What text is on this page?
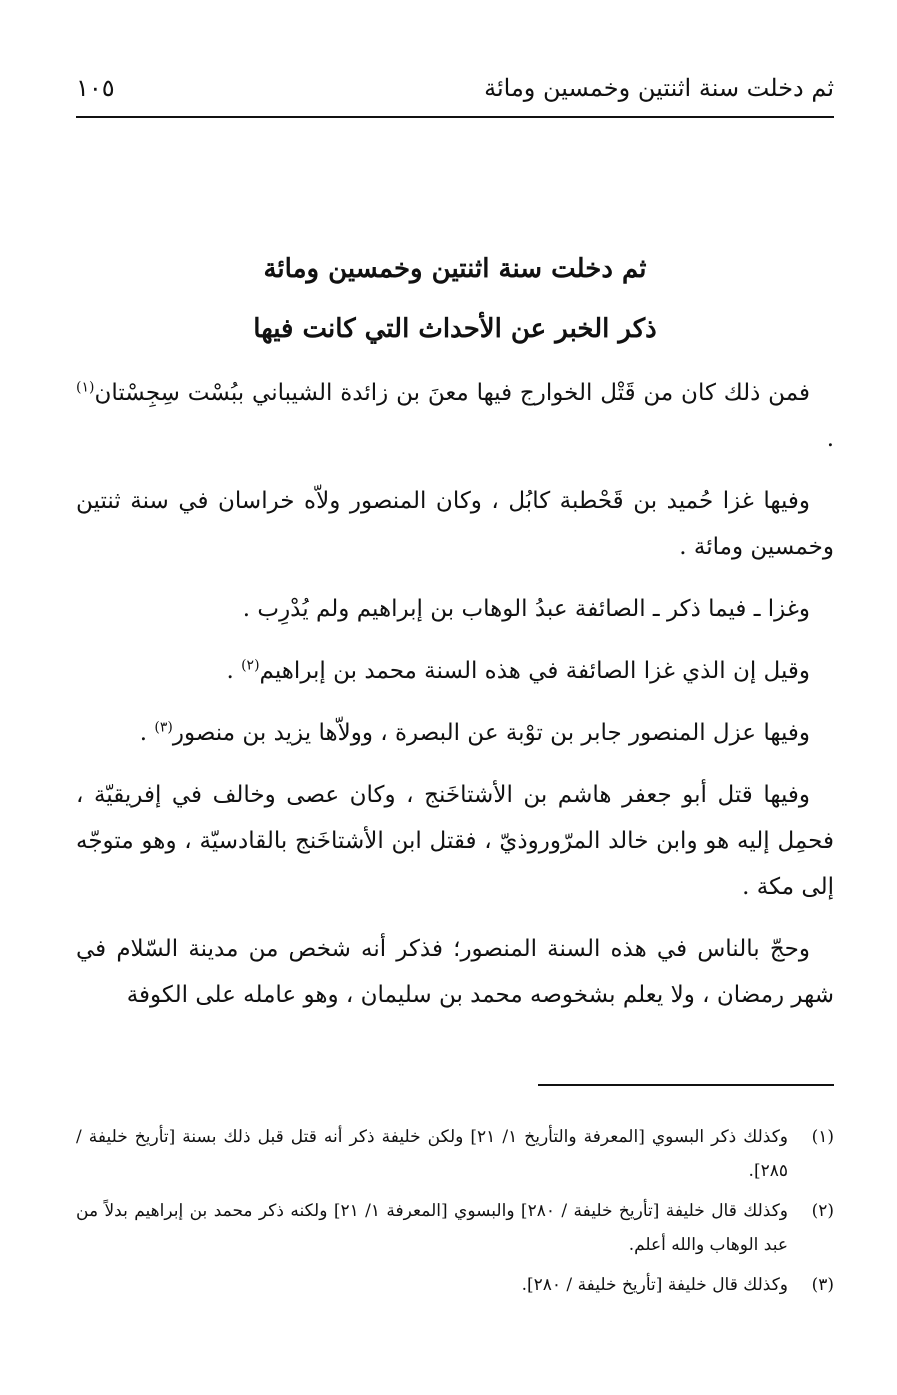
ثم دخلت سنة اثنتين وخمسين ومائة
١٠٥
ثم دخلت سنة اثنتين وخمسين ومائة
ذكر الخبر عن الأحداث التي كانت فيها

فمن ذلك كان من قَتْل الخوارج فيها معنَ بن زائدة الشيباني ببُسْت سِجِسْتان$^{(١)}$ .

وفيها غزا حُميد بن قَحْطبة كابُل ، وكان المنصور ولاّه خراسان في سنة ثنتين وخمسين ومائة .

وغزا ـ فيما ذكر ـ الصائفة عبدُ الوهاب بن إبراهيم ولم يُدْرِب .

وقيل إن الذي غزا الصائفة في هذه السنة محمد بن إبراهيم$^{(٢)}$ .

وفيها عزل المنصور جابر بن توْبة عن البصرة ، وولاّها يزيد بن منصور$^{(٣)}$ .

وفيها قتل أبو جعفر هاشم بن الأشتاخَنج ، وكان عصى وخالف في إفريقيّة ، فحمِل إليه هو وابن خالد المرّوروذيّ ، فقتل ابن الأشتاخَنج بالقادسيّة ، وهو متوجّه إلى مكة .

وحجّ بالناس في هذه السنة المنصور؛ فذكر أنه شخص من مدينة السّلام في شهر رمضان ، ولا يعلم بشخوصه محمد بن سليمان ، وهو عامله على الكوفة

(١)
وكذلك ذكر البسوي [المعرفة والتأريخ ١/ ٢١] ولكن خليفة ذكر أنه قتل قبل ذلك بسنة [تأريخ خليفة / ٢٨٥].
(٢)
وكذلك قال خليفة [تأريخ خليفة / ٢٨٠] والبسوي [المعرفة ١/ ٢١] ولكنه ذكر محمد بن إبراهيم بدلاً من عبد الوهاب والله أعلم.
(٣)
وكذلك قال خليفة [تأريخ خليفة / ٢٨٠].
